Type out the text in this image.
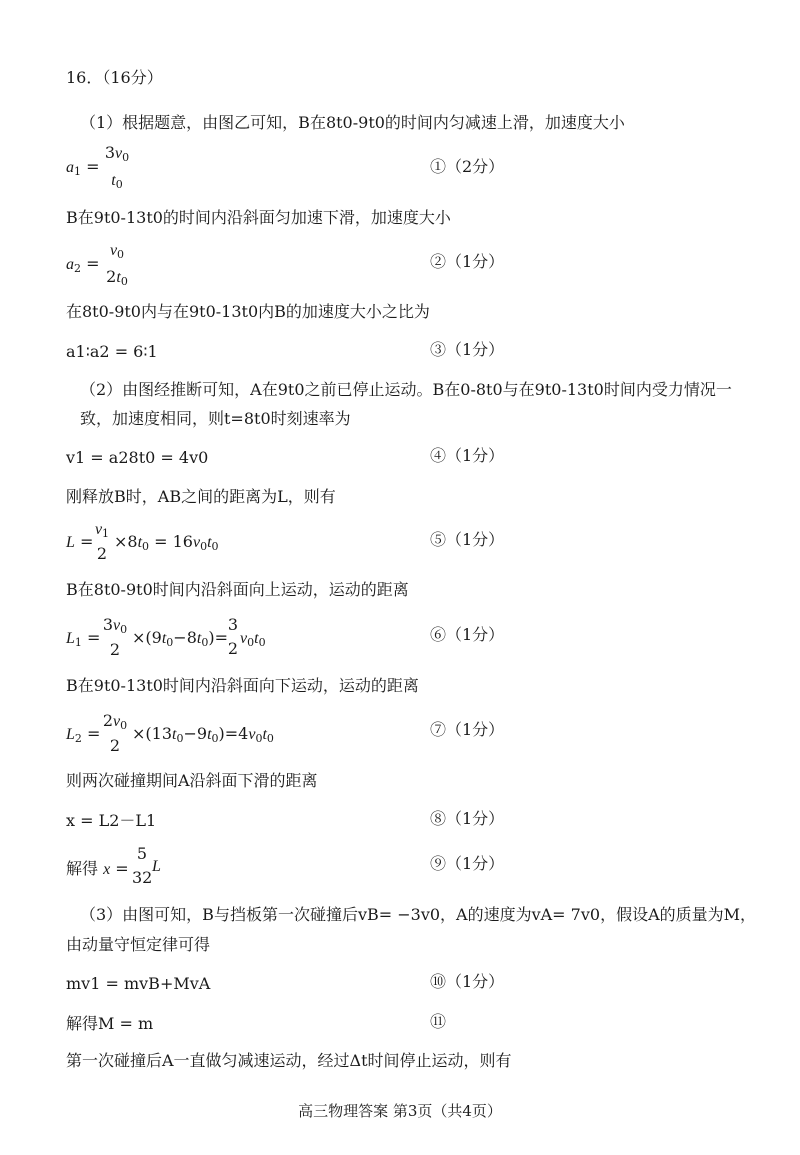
16．（16分）
（1）根据题意，由图乙可知，B在8t0-9t0的时间内匀减速上滑，加速度大小
$a_1$ =
$3v_0$
$t_0$
①（2分）
B在9t0-13t0的时间内沿斜面匀加速下滑，加速度大小
$a_2$ =
$v_0$
$2t_0$
②（1分）
在8t0-9t0内与在9t0-13t0内B的加速度大小之比为
a1∶a2 = 6∶1	③（1分）
（2）由图经推断可知，A在9t0之前已停止运动。B在0-8t0与在9t0-13t0时间内受力情况一
致，加速度相同，则t=8t0时刻速率为
v1 = a28t0 = 4v0	④（1分）
刚释放B时，AB之间的距离为L，则有
L =
$v_1$
2
$\times 8t_0 = 16v_0t_0$	⑤（1分）
B在8t0-9t0时间内沿斜面向上运动，运动的距离
$L_1$ =
$3v_0$
2
$\times(9t_0-8t_0)=$
3
2
$v_0t_0$	⑥（1分）
B在9t0-13t0时间内沿斜面向下运动，运动的距离
$L_2$ =
$2v_0$
2
$\times(13t_0-9t_0)=4v_0t_0$	⑦（1分）
则两次碰撞期间A沿斜面下滑的距离
x = L2－L1	⑧（1分）
解得 x =
5
32
L	⑨（1分）
（3）由图可知，B与挡板第一次碰撞后vB= −3v0，A的速度为vA= 7v0，假设A的质量为M，
由动量守恒定律可得
mv1 = mvB+MvA	⑩（1分）
解得M = m	⑪
第一次碰撞后A一直做匀减速运动，经过Δt时间停止运动，则有
高三物理答案 第3页（共4页）
